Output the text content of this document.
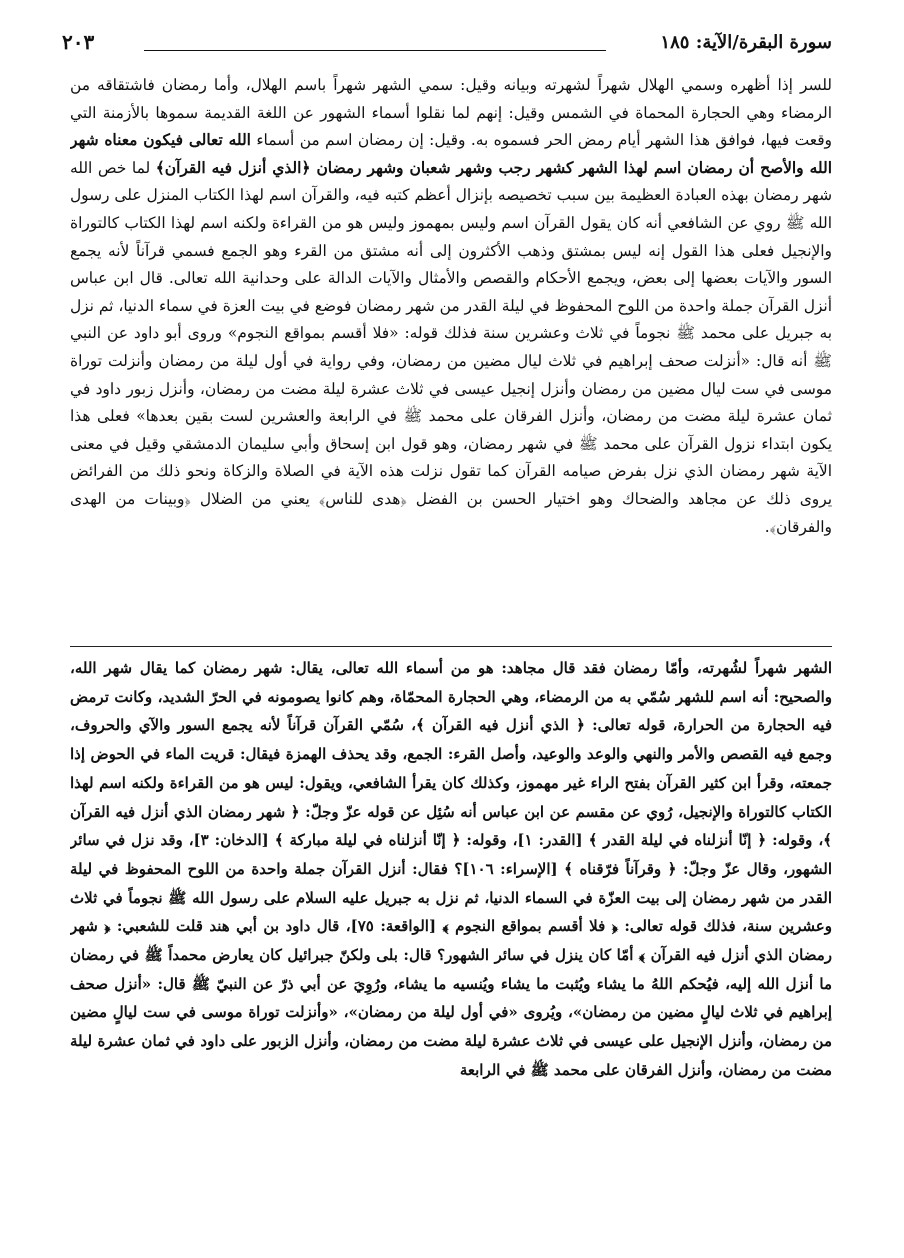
سورة البقرة/الآية: ١٨٥
٢٠٣
للسر إذا أظهره وسمي الهلال شهراً لشهرته وبيانه وقيل: سمي الشهر شهراً باسم الهلال، وأما رمضان فاشتقاقه من الرمضاء وهي الحجارة المحماة في الشمس وقيل: إنهم لما نقلوا أسماء الشهور عن اللغة القديمة سموها بالأزمنة التي وقعت فيها، فوافق هذا الشهر أيام رمض الحر فسموه به. وقيل: إن رمضان اسم من أسماء الله تعالى فيكون معناه شهر الله والأصح أن رمضان اسم لهذا الشهر كشهر رجب وشهر شعبان وشهر رمضان ﴿الذي أنزل فيه القرآن﴾ لما خص الله شهر رمضان بهذه العبادة العظيمة بين سبب تخصيصه بإنزال أعظم كتبه فيه، والقرآن اسم لهذا الكتاب المنزل على رسول الله ﷺ روي عن الشافعي أنه كان يقول القرآن اسم وليس بمهموز وليس هو من القراءة ولكنه اسم لهذا الكتاب كالتوراة والإنجيل فعلى هذا القول إنه ليس بمشتق وذهب الأكثرون إلى أنه مشتق من القرء وهو الجمع فسمي قرآناً لأنه يجمع السور والآيات بعضها إلى بعض، ويجمع الأحكام والقصص والأمثال والآيات الدالة على وحدانية الله تعالى. قال ابن عباس أنزل القرآن جملة واحدة من اللوح المحفوظ في ليلة القدر من شهر رمضان فوضع في بيت العزة في سماء الدنيا، ثم نزل به جبريل على محمد ﷺ نجوماً في ثلاث وعشرين سنة فذلك قوله: «فلا أقسم بمواقع النجوم» وروى أبو داود عن النبي ﷺ أنه قال: «أنزلت صحف إبراهيم في ثلاث ليال مضين من رمضان، وفي رواية في أول ليلة من رمضان وأنزلت توراة موسى في ست ليال مضين من رمضان وأنزل إنجيل عيسى في ثلاث عشرة ليلة مضت من رمضان، وأنزل زبور داود في ثمان عشرة ليلة مضت من رمضان، وأنزل الفرقان على محمد ﷺ في الرابعة والعشرين لست بقين بعدها» فعلى هذا يكون ابتداء نزول القرآن على محمد ﷺ في شهر رمضان، وهو قول ابن إسحاق وأبي سليمان الدمشقي وقيل في معنى الآية شهر رمضان الذي نزل بفرض صيامه القرآن كما تقول نزلت هذه الآية في الصلاة والزكاة ونحو ذلك من الفرائض يروى ذلك عن مجاهد والضحاك وهو اختيار الحسن بن الفضل ﴿هدى للناس﴾ يعني من الضلال ﴿وبينات من الهدى والفرقان﴾.
الشهر شهراً لشُهرته، وأمّا رمضان فقد قال مجاهد: هو من أسماء الله تعالى، يقال: شهر رمضان كما يقال شهر الله، والصحيح: أنه اسم للشهر سُمّي به من الرمضاء، وهي الحجارة المحمّاة، وهم كانوا يصومونه في الحرّ الشديد، وكانت ترمض فيه الحجارة من الحرارة، قوله تعالى: ﴿ الذي أنزل فيه القرآن ﴾، سُمّي القرآن قرآناً لأنه يجمع السور والآي والحروف، وجمع فيه القصص والأمر والنهي والوعد والوعيد، وأصل القرء: الجمع، وقد يحذف الهمزة فيقال: قريت الماء في الحوض إذا جمعته، وقرأ ابن كثير القرآن بفتح الراء غير مهموز، وكذلك كان يقرأ الشافعي، ويقول: ليس هو من القراءة ولكنه اسم لهذا الكتاب كالتوراة والإنجيل، رُوي عن مقسم عن ابن عباس أنه سُئِل عن قوله عزّ وجلّ: ﴿ شهر رمضان الذي أنزل فيه القرآن ﴾، وقوله: ﴿ إنّا أنزلناه في ليلة القدر ﴾ [القدر: ١]، وقوله: ﴿ إنّا أنزلناه في ليلة مباركة ﴾ [الدخان: ٣]، وقد نزل في سائر الشهور، وقال عزّ وجلّ: ﴿ وقرآناً فرّقناه ﴾ [الإسراء: ١٠٦]؟ فقال: أنزل القرآن جملة واحدة من اللوح المحفوظ في ليلة القدر من شهر رمضان إلى بيت العزّة في السماء الدنيا، ثم نزل به جبريل عليه السلام على رسول الله ﷺ نجوماً في ثلاث وعشرين سنة، فذلك قوله تعالى: ﴿ فلا أقسم بمواقع النجوم ﴾ [الواقعة: ٧٥]، قال داود بن أبي هند قلت للشعبي: ﴿ شهر رمضان الذي أنزل فيه القرآن ﴾ أمّا كان ينزل في سائر الشهور؟ قال: بلى ولكنّ جبرائيل كان يعارض محمداً ﷺ في رمضان ما أنزل الله إليه، فيُحكم اللهُ ما يشاء ويُثبت ما يشاء ويُنسيه ما يشاء، ورُوِيَ عن أبي ذرّ عن النبيّ ﷺ قال: «أنزل صحف إبراهيم في ثلاث ليالٍ مضين من رمضان»، ويُروى «في أول ليلة من رمضان»، «وأنزلت توراة موسى في ست ليالٍ مضين من رمضان، وأنزل الإنجيل على عيسى في ثلاث عشرة ليلة مضت من رمضان، وأنزل الزبور على داود في ثمان عشرة ليلة مضت من رمضان، وأنزل الفرقان على محمد ﷺ في الرابعة
